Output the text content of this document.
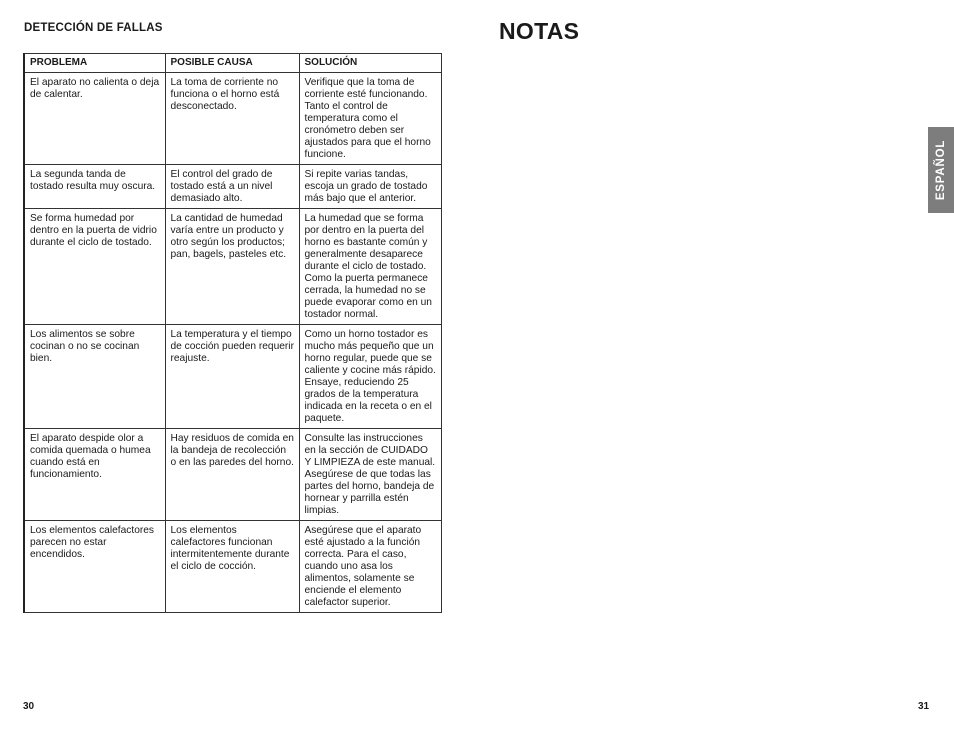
DETECCIÓN DE FALLAS
PROBLEMA	POSIBLE CAUSA	SOLUCIÓN
El aparato no calienta o deja de calentar.	La toma de corriente no funciona o el horno está desconectado.	Verifique que la toma de corriente esté funcionando. Tanto el control de temperatura como el cronómetro deben ser ajustados para que el horno funcione.
La segunda tanda de tostado resulta muy oscura.	El control del grado de tostado está a un nivel demasiado alto.	Si repite varias tandas, escoja un grado de tostado más bajo que el anterior.
Se forma humedad por dentro en la puerta de vidrio durante el ciclo de tostado.	La cantidad de humedad varía entre un producto y otro según los productos; pan, bagels, pasteles etc.	La humedad que se forma por dentro en la puerta del horno es bastante común y generalmente desaparece durante el ciclo de tostado. Como la puerta permanece cerrada, la humedad no se puede evaporar como en un tostador normal.
Los alimentos se sobre cocinan o no se cocinan bien.	La temperatura y el tiempo de cocción pueden requerir reajuste.	Como un horno tostador es mucho más pequeño que un horno regular, puede que se caliente y cocine más rápido. Ensaye, reduciendo 25 grados de la temperatura indicada en la receta o en el paquete.
El aparato despide olor a comida quemada o humea cuando está en funcionamiento.	Hay residuos de comida en la bandeja de recolección o en las paredes del horno.	Consulte las instrucciones en la sección de CUIDADO Y LIMPIEZA de este manual. Asegúrese de que todas las partes del horno, bandeja de hornear y parrilla estén limpias.
Los elementos calefactores parecen no estar encendidos.	Los elementos calefactores funcionan intermitentemente durante el ciclo de cocción.	Asegúrese que el aparato esté ajustado a la función correcta. Para el caso, cuando uno asa los alimentos, solamente se enciende el elemento calefactor superior.
30
NOTAS
ESPAÑOL
31
